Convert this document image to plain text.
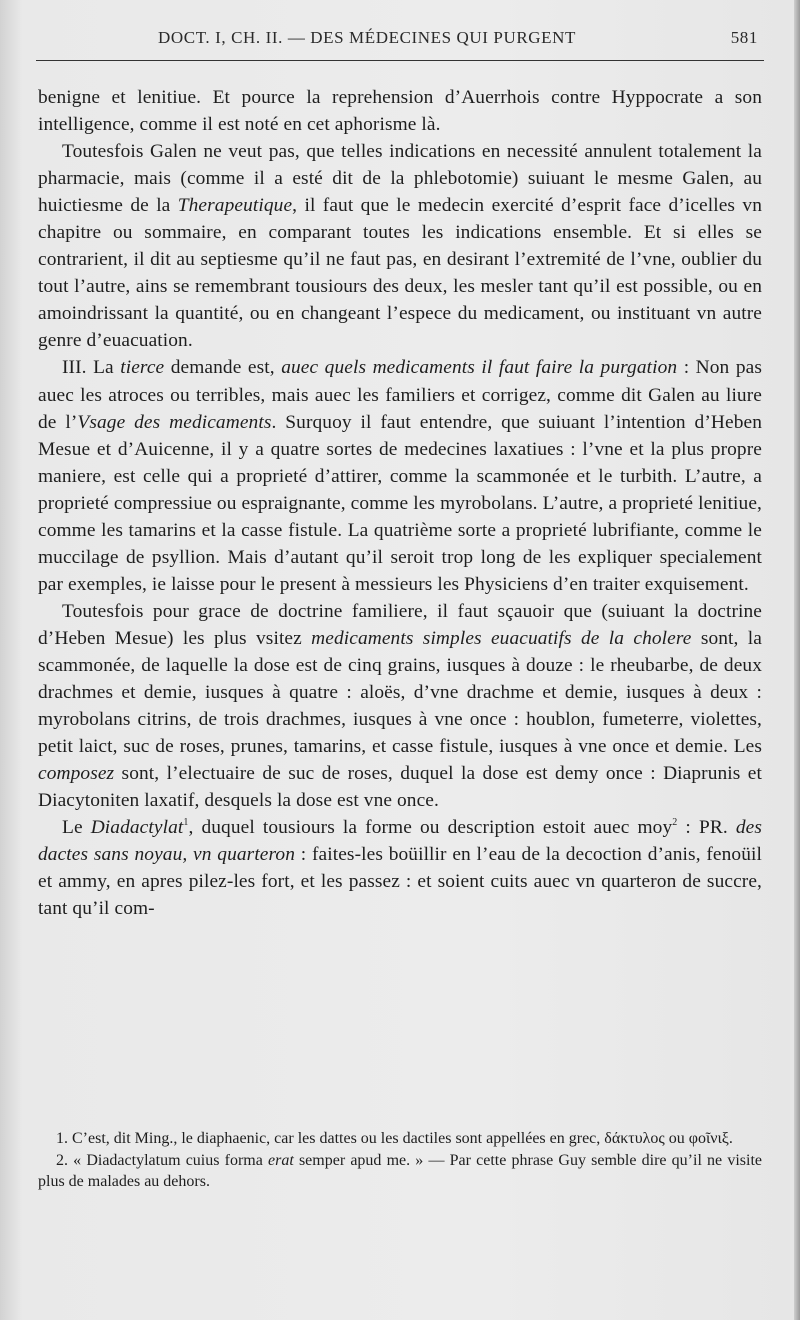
DOCT. I, CH. II. — DES MÉDECINES QUI PURGENT	581

benigne et lenitiue. Et pource la reprehension d’Auerrhois contre Hyppocrate a son intelligence, comme il est noté en cet aphorisme là.

Toutesfois Galen ne veut pas, que telles indications en necessité annulent totalement la pharmacie, mais (comme il a esté dit de la phlebotomie) suiuant le mesme Galen, au huictiesme de la Therapeutique, il faut que le medecin exercité d’esprit face d’icelles vn chapitre ou sommaire, en comparant toutes les indications ensemble. Et si elles se contrarient, il dit au septiesme qu’il ne faut pas, en desirant l’extremité de l’vne, oublier du tout l’autre, ains se remembrant tousiours des deux, les mesler tant qu’il est possible, ou en amoindrissant la quantité, ou en changeant l’espece du medicament, ou instituant vn autre genre d’euacuation.

III. La tierce demande est, auec quels medicaments il faut faire la purgation : Non pas auec les atroces ou terribles, mais auec les familiers et corrigez, comme dit Galen au liure de l’Vsage des medicaments. Surquoy il faut entendre, que suiuant l’intention d’Heben Mesue et d’Auicenne, il y a quatre sortes de medecines laxatiues : l’vne et la plus propre maniere, est celle qui a proprieté d’attirer, comme la scammonée et le turbith. L’autre, a proprieté compressiue ou espraignante, comme les myrobolans. L’autre, a proprieté lenitiue, comme les tamarins et la casse fistule. La quatrième sorte a proprieté lubrifiante, comme le muccilage de psyllion. Mais d’autant qu’il seroit trop long de les expliquer specialement par exemples, ie laisse pour le present à messieurs les Physiciens d’en traiter exquisement.

Toutesfois pour grace de doctrine familiere, il faut sçauoir que (suiuant la doctrine d’Heben Mesue) les plus vsitez medicaments simples euacuatifs de la cholere sont, la scammonée, de laquelle la dose est de cinq grains, iusques à douze : le rheubarbe, de deux drachmes et demie, iusques à quatre : aloës, d’vne drachme et demie, iusques à deux : myrobolans citrins, de trois drachmes, iusques à vne once : houblon, fumeterre, violettes, petit laict, suc de roses, prunes, tamarins, et casse fistule, iusques à vne once et demie. Les composez sont, l’electuaire de suc de roses, duquel la dose est demy once : Diaprunis et Diacytoniten laxatif, desquels la dose est vne once.

Le Diadactylat$^1$, duquel tousiours la forme ou description estoit auec moy$^2$ : PR. des dactes sans noyau, vn quarteron : faites-les boüillir en l’eau de la decoction d’anis, fenoüil et ammy, en apres pilez-les fort, et les passez : et soient cuits auec vn quarteron de succre, tant qu’il com-

1. C’est, dit Ming., le diaphaenic, car les dattes ou les dactiles sont appellées en grec, δάκτυλος ou φοῖνιξ.

2. « Diadactylatum cuius forma erat semper apud me. » — Par cette phrase Guy semble dire qu’il ne visite plus de malades au dehors.
